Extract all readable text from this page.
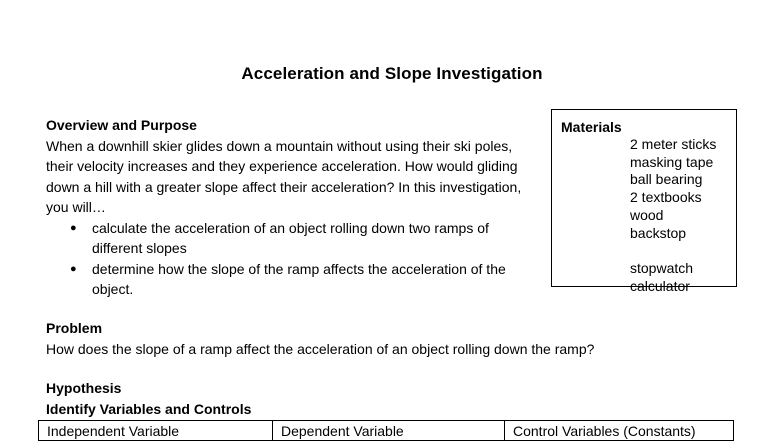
Acceleration and Slope Investigation
Overview and Purpose
When a downhill skier glides down a mountain without using their ski poles, their velocity increases and they experience acceleration. How would gliding down a hill with a greater slope affect their acceleration? In this investigation, you will…
● calculate the acceleration of an object rolling down two ramps of different slopes
● determine how the slope of the ramp affects the acceleration of the object.
Materials
2 meter sticks
masking tape
ball bearing
2 textbooks
wood backstop
stopwatch
calculator
Problem
How does the slope of a ramp affect the acceleration of an object rolling down the ramp?
Hypothesis
Identify Variables and Controls
Independent Variable	Dependent Variable	Control Variables (Constants)
